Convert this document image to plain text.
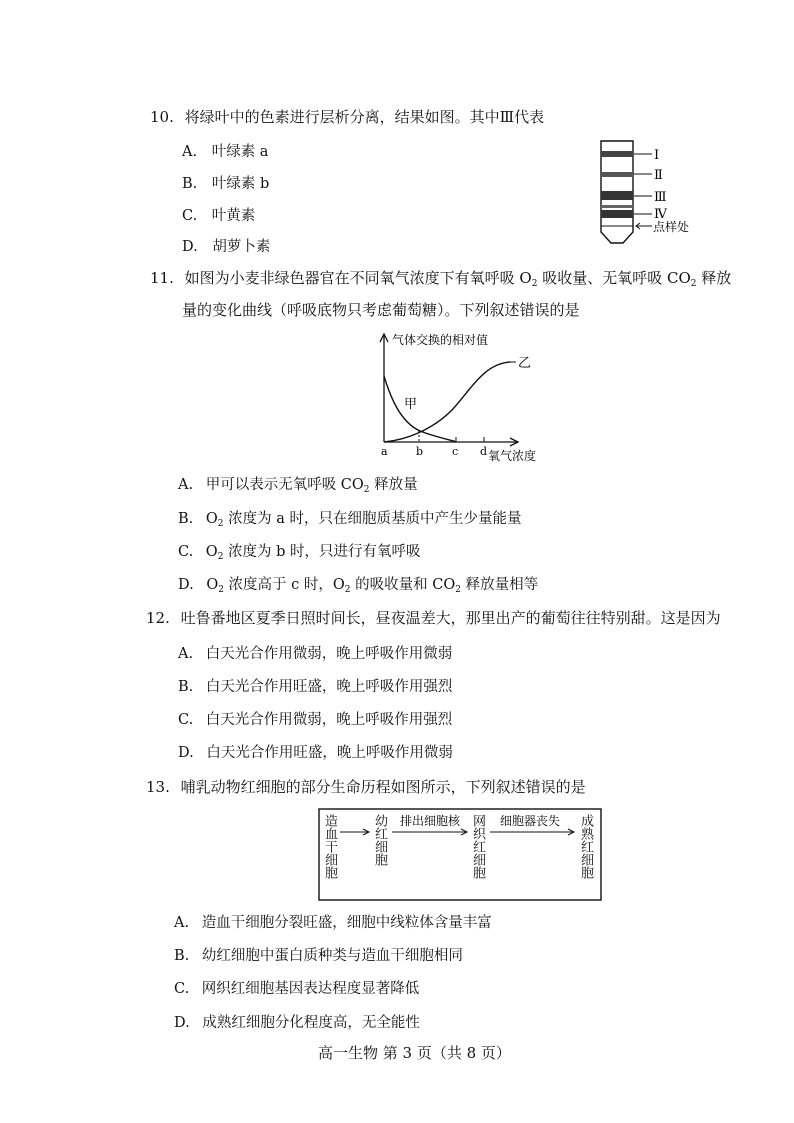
10. 将绿叶中的色素进行层析分离，结果如图。其中Ⅲ代表
A. 叶绿素 a
B. 叶绿素 b
C. 叶黄素
D. 胡萝卜素
Ⅰ
Ⅱ
Ⅲ
Ⅳ
点样处
11. 如图为小麦非绿色器官在不同氧气浓度下有氧呼吸 $O_2$ 吸收量、无氧呼吸 $CO_2$ 释放
量的变化曲线（呼吸底物只考虑葡萄糖）。下列叙述错误的是
气体交换的相对值
氧气浓度
乙
甲
a	b	c d
A. 甲可以表示无氧呼吸 $CO_2$ 释放量
B. $O_2$ 浓度为 a 时，只在细胞质基质中产生少量能量
C. $O_2$ 浓度为 b 时，只进行有氧呼吸
D. $O_2$ 浓度高于 c 时，$O_2$ 的吸收量和 $CO_2$ 释放量相等
12. 吐鲁番地区夏季日照时间长，昼夜温差大，那里出产的葡萄往往特别甜。这是因为
A. 白天光合作用微弱，晚上呼吸作用微弱
B. 白天光合作用旺盛，晚上呼吸作用强烈
C. 白天光合作用微弱，晚上呼吸作用强烈
D. 白天光合作用旺盛，晚上呼吸作用微弱
13. 哺乳动物红细胞的部分生命历程如图所示，下列叙述错误的是
造血干细胞	幼红细胞 排出细胞核 网织红细胞 细胞器丧失 成熟红细胞
A. 造血干细胞分裂旺盛，细胞中线粒体含量丰富
B. 幼红细胞中蛋白质种类与造血干细胞相同
C. 网织红细胞基因表达程度显著降低
D. 成熟红细胞分化程度高，无全能性
高一生物 第 3 页（共 8 页）
